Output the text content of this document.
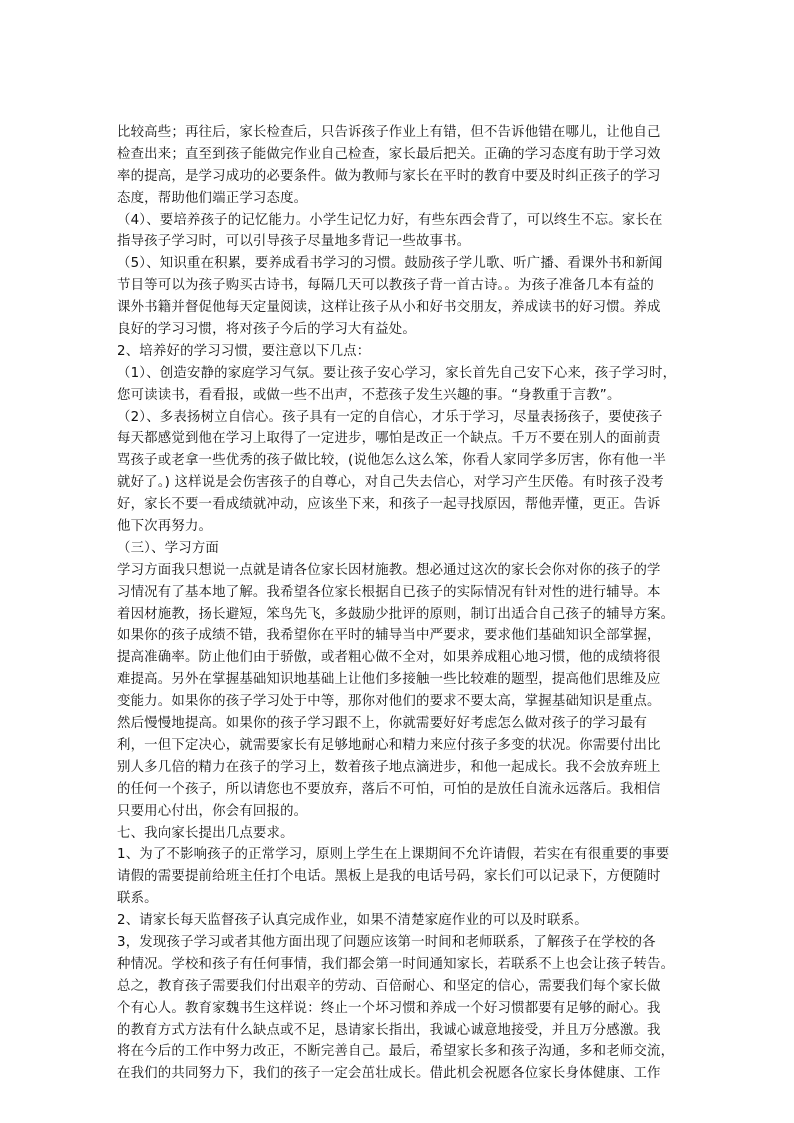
比较高些；再往后，家长检查后，只告诉孩子作业上有错，但不告诉他错在哪儿，让他自己
检查出来；直至到孩子能做完作业自己检查，家长最后把关。正确的学习态度有助于学习效
率的提高，是学习成功的必要条件。做为教师与家长在平时的教育中要及时纠正孩子的学习
态度，帮助他们端正学习态度。
（4）、要培养孩子的记忆能力。小学生记忆力好，有些东西会背了，可以终生不忘。家长在
指导孩子学习时，可以引导孩子尽量地多背记一些故事书。
（5）、知识重在积累，要养成看书学习的习惯。鼓励孩子学儿歌、听广播、看课外书和新闻
节目等可以为孩子购买古诗书，每隔几天可以教孩子背一首古诗。。为孩子准备几本有益的
课外书籍并督促他每天定量阅读，这样让孩子从小和好书交朋友，养成读书的好习惯。养成
良好的学习习惯，将对孩子今后的学习大有益处。
2、培养好的学习习惯，要注意以下几点：
（1）、创造安静的家庭学习气氛。要让孩子安心学习，家长首先自己安下心来，孩子学习时，
您可读读书，看看报，或做一些不出声，不惹孩子发生兴趣的事。“身教重于言教”。
（2）、多表扬树立自信心。孩子具有一定的自信心，才乐于学习，尽量表扬孩子，要使孩子
每天都感觉到他在学习上取得了一定进步，哪怕是改正一个缺点。千万不要在别人的面前责
骂孩子或老拿一些优秀的孩子做比较，(说他怎么这么笨，你看人家同学多厉害，你有他一半
就好了。) 这样说是会伤害孩子的自尊心，对自己失去信心，对学习产生厌倦。有时孩子没考
好，家长不要一看成绩就冲动，应该坐下来，和孩子一起寻找原因，帮他弄懂，更正。告诉
他下次再努力。
（三）、学习方面
学习方面我只想说一点就是请各位家长因材施教。想必通过这次的家长会你对你的孩子的学
习情况有了基本地了解。我希望各位家长根据自已孩子的实际情况有针对性的进行辅导。本
着因材施教，扬长避短，笨鸟先飞，多鼓励少批评的原则，制订出适合自己孩子的辅导方案。
如果你的孩子成绩不错，我希望你在平时的辅导当中严要求，要求他们基础知识全部掌握，
提高准确率。防止他们由于骄傲，或者粗心做不全对，如果养成粗心地习惯，他的成绩将很
难提高。另外在掌握基础知识地基础上让他们多接触一些比较难的题型，提高他们思维及应
变能力。如果你的孩子学习处于中等，那你对他们的要求不要太高，掌握基础知识是重点。
然后慢慢地提高。如果你的孩子学习跟不上，你就需要好好考虑怎么做对孩子的学习最有
利，一但下定决心，就需要家长有足够地耐心和精力来应付孩子多变的状况。你需要付出比
别人多几倍的精力在孩子的学习上，数着孩子地点滴进步，和他一起成长。我不会放弃班上
的任何一个孩子，所以请您也不要放弃，落后不可怕，可怕的是放任自流永远落后。我相信
只要用心付出，你会有回报的。
七、我向家长提出几点要求。
1、为了不影响孩子的正常学习，原则上学生在上课期间不允许请假，若实在有很重要的事要
请假的需要提前给班主任打个电话。黑板上是我的电话号码，家长们可以记录下，方便随时
联系。
2、请家长每天监督孩子认真完成作业，如果不清楚家庭作业的可以及时联系。
3，发现孩子学习或者其他方面出现了问题应该第一时间和老师联系，了解孩子在学校的各
种情况。学校和孩子有任何事情，我们都会第一时间通知家长，若联系不上也会让孩子转告。
总之，教育孩子需要我们付出艰辛的劳动、百倍耐心、和坚定的信心，需要我们每个家长做
个有心人。教育家魏书生这样说：终止一个坏习惯和养成一个好习惯都要有足够的耐心。我
的教育方式方法有什么缺点或不足，恳请家长指出，我诚心诚意地接受，并且万分感激。我
将在今后的工作中努力改正，不断完善自己。最后，希望家长多和孩子沟通，多和老师交流，
在我们的共同努力下，我们的孩子一定会茁壮成长。借此机会祝愿各位家长身体健康、工作
